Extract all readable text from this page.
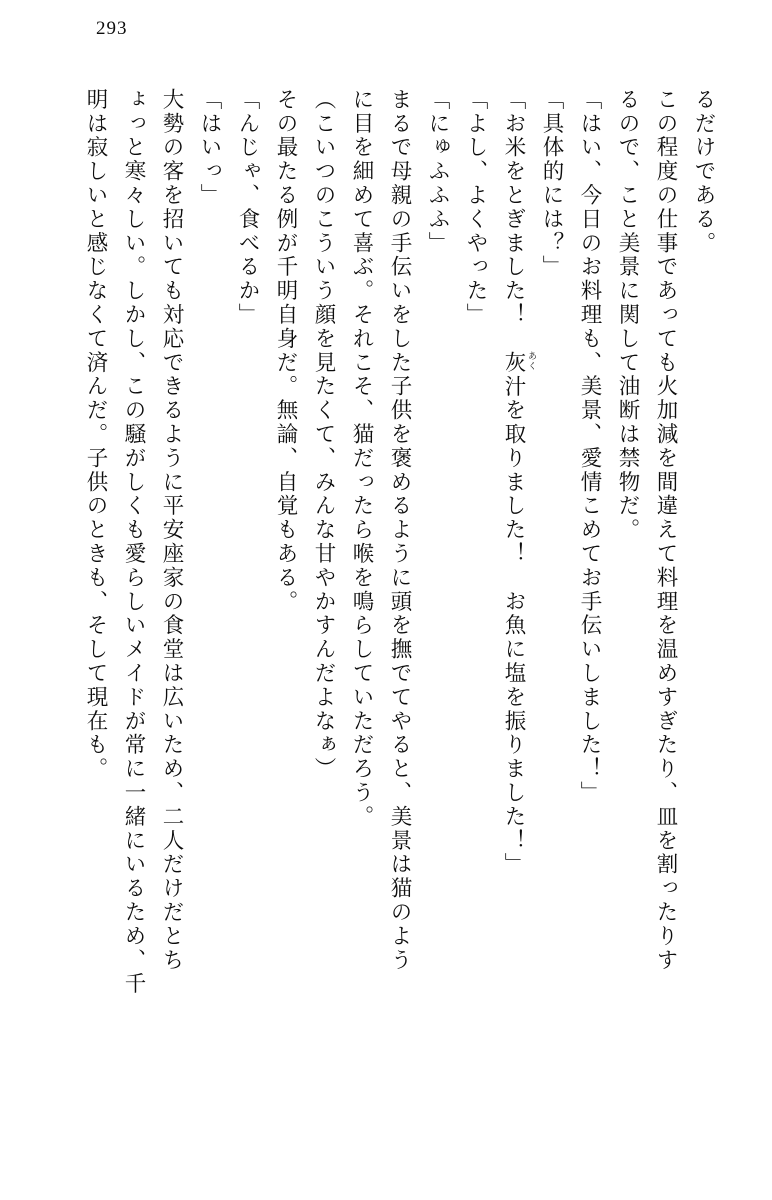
293
るだけである。
この程度の仕事であっても火加減を間違えて料理を温めすぎたり、皿を割ったりす
るので、こと美景に関して油断は禁物だ。
「はい、今日のお料理も、美景、愛情こめてお手伝いしました！」
「具体的には？」
「お米をとぎました！　灰汁 あく
を取りました！　お魚に塩を振りました！」
「よし、よくやった」
「にゅふふふ」
まるで母親の手伝いをした子供を褒めるように頭を撫でてやると、美景は猫のよう
に目を細めて喜ぶ。それこそ、猫だったら喉を鳴らしていただろう。
（こいつのこういう顔を見たくて、みんな甘やかすんだよなぁ）
その最たる例が千明自身だ。無論、自覚もある。
「んじゃ、食べるか」
「はいっ」
大勢の客を招いても対応できるように平安座家の食堂は広いため、二人だけだとち
ょっと寒々しい。しかし、この騒がしくも愛らしいメイドが常に一緒にいるため、千
明は寂しいと感じなくて済んだ。子供のときも、そして現在も。
